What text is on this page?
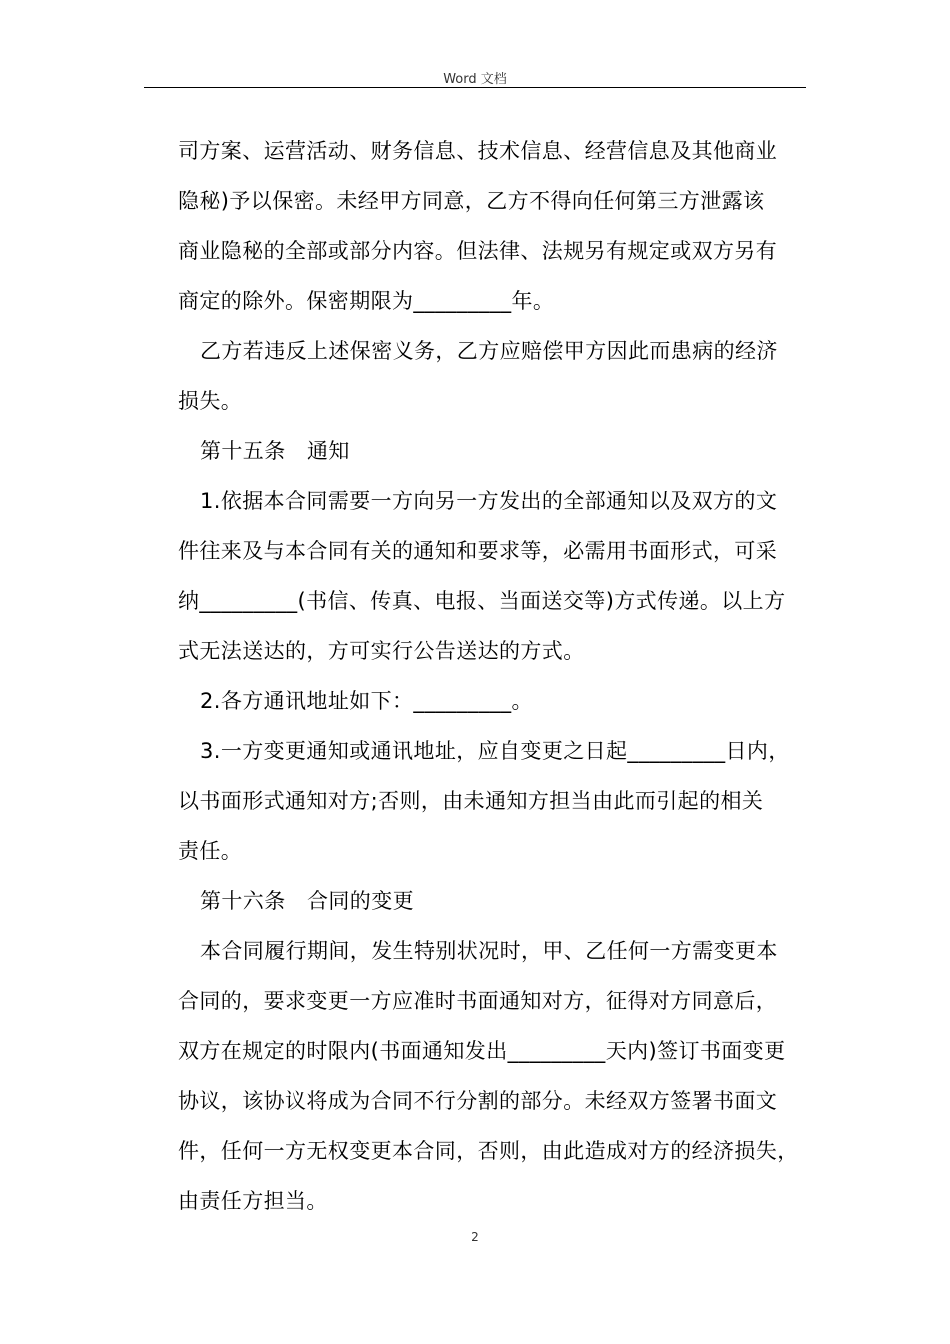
Word 文档
司方案、运营活动、财务信息、技术信息、经营信息及其他商业
隐秘)予以保密。未经甲方同意，乙方不得向任何第三方泄露该
商业隐秘的全部或部分内容。但法律、法规另有规定或双方另有
商定的除外。保密期限为_________年。
乙方若违反上述保密义务，乙方应赔偿甲方因此而患病的经济
损失。
第十五条　通知
1.依据本合同需要一方向另一方发出的全部通知以及双方的文
件往来及与本合同有关的通知和要求等，必需用书面形式，可采
纳_________(书信、传真、电报、当面送交等)方式传递。以上方
式无法送达的，方可实行公告送达的方式。
2.各方通讯地址如下：_________。
3.一方变更通知或通讯地址，应自变更之日起_________日内，
以书面形式通知对方;否则，由未通知方担当由此而引起的相关
责任。
第十六条　合同的变更
本合同履行期间，发生特别状况时，甲、乙任何一方需变更本
合同的，要求变更一方应准时书面通知对方，征得对方同意后，
双方在规定的时限内(书面通知发出_________天内)签订书面变更
协议，该协议将成为合同不行分割的部分。未经双方签署书面文
件，任何一方无权变更本合同，否则，由此造成对方的经济损失，
由责任方担当。
2
